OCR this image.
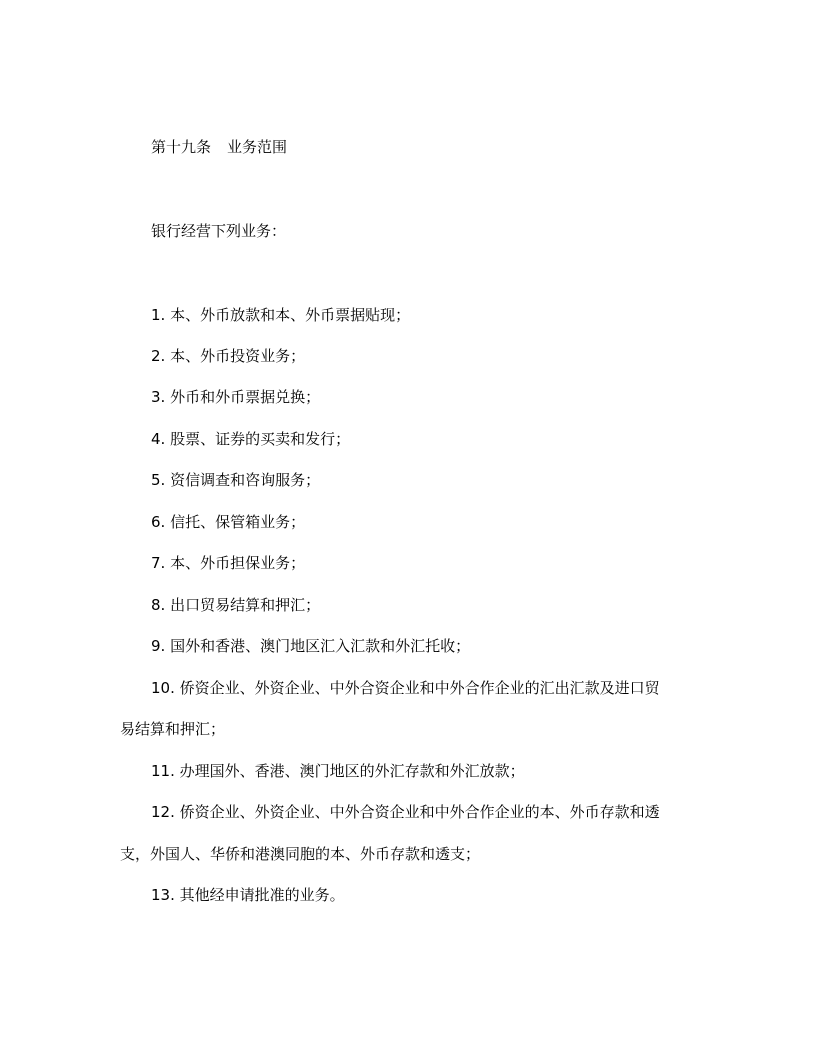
第十九条 业务范围
银行经营下列业务：
1. 本、外币放款和本、外币票据贴现；
2. 本、外币投资业务；
3. 外币和外币票据兑换；
4. 股票、证券的买卖和发行；
5. 资信调查和咨询服务；
6. 信托、保管箱业务；
7. 本、外币担保业务；
8. 出口贸易结算和押汇；
9. 国外和香港、澳门地区汇入汇款和外汇托收；
10. 侨资企业、外资企业、中外合资企业和中外合作企业的汇出汇款及进口贸
易结算和押汇；
11. 办理国外、香港、澳门地区的外汇存款和外汇放款；
12. 侨资企业、外资企业、中外合资企业和中外合作企业的本、外币存款和透
支，外国人、华侨和港澳同胞的本、外币存款和透支；
13. 其他经申请批准的业务。
